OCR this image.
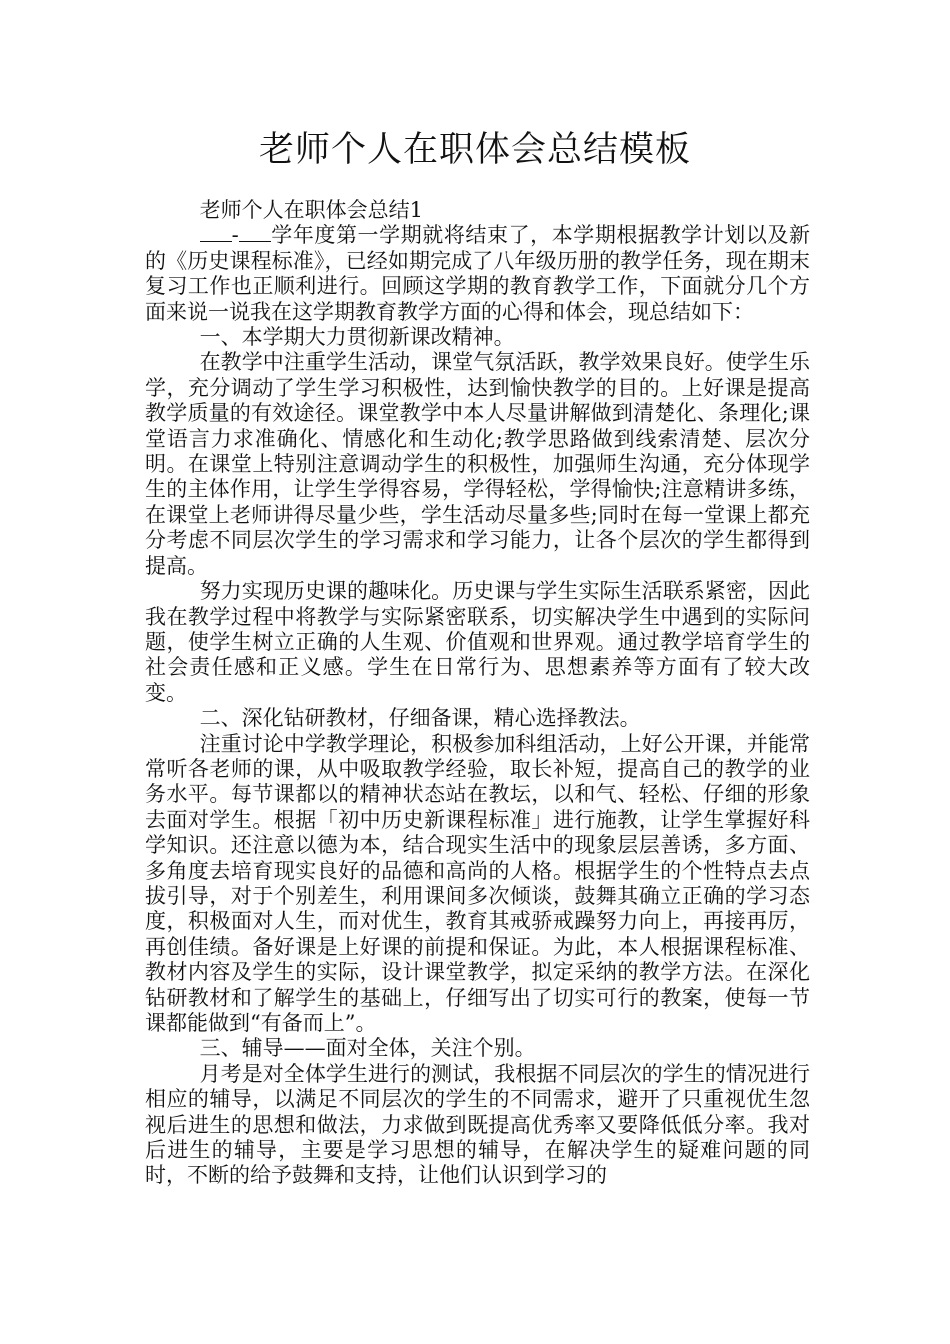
老师个人在职体会总结模板

老师个人在职体会总结1

- 学年度第一学期就将结束了，本学期根据教学计划以及新的《历史课程标准》，已经如期完成了八年级历册的教学任务，现在期末复习工作也正顺利进行。回顾这学期的教育教学工作，下面就分几个方面来说一说我在这学期教育教学方面的心得和体会，现总结如下：

一、本学期大力贯彻新课改精神。

在教学中注重学生活动，课堂气氛活跃，教学效果良好。使学生乐学，充分调动了学生学习积极性，达到愉快教学的目的。上好课是提高教学质量的有效途径。课堂教学中本人尽量讲解做到清楚化、条理化;课堂语言力求准确化、情感化和生动化;教学思路做到线索清楚、层次分明。在课堂上特别注意调动学生的积极性，加强师生沟通，充分体现学生的主体作用，让学生学得容易，学得轻松，学得愉快;注意精讲多练，在课堂上老师讲得尽量少些，学生活动尽量多些;同时在每一堂课上都充分考虑不同层次学生的学习需求和学习能力，让各个层次的学生都得到提高。

努力实现历史课的趣味化。历史课与学生实际生活联系紧密，因此我在教学过程中将教学与实际紧密联系，切实解决学生中遇到的实际问题，使学生树立正确的人生观、价值观和世界观。通过教学培育学生的社会责任感和正义感。学生在日常行为、思想素养等方面有了较大改变。

二、深化钻研教材，仔细备课，精心选择教法。

注重讨论中学教学理论，积极参加科组活动，上好公开课，并能常常听各老师的课，从中吸取教学经验，取长补短，提高自己的教学的业务水平。每节课都以的精神状态站在教坛，以和气、轻松、仔细的形象去面对学生。根据「初中历史新课程标准」进行施教，让学生掌握好科学知识。还注意以德为本，结合现实生活中的现象层层善诱，多方面、多角度去培育现实良好的品德和高尚的人格。根据学生的个性特点去点拔引导，对于个别差生，利用课间多次倾谈，鼓舞其确立正确的学习态度，积极面对人生，而对优生，教育其戒骄戒躁努力向上，再接再厉，再创佳绩。备好课是上好课的前提和保证。为此，本人根据课程标准、教材内容及学生的实际，设计课堂教学，拟定采纳的教学方法。在深化钻研教材和了解学生的基础上，仔细写出了切实可行的教案，使每一节课都能做到“有备而上”。

三、辅导——面对全体，关注个别。

月考是对全体学生进行的测试，我根据不同层次的学生的情况进行相应的辅导，以满足不同层次的学生的不同需求，避开了只重视优生忽视后进生的思想和做法，力求做到既提高优秀率又要降低低分率。我对后进生的辅导，主要是学习思想的辅导，在解决学生的疑难问题的同时，不断的给予鼓舞和支持，让他们认识到学习的
